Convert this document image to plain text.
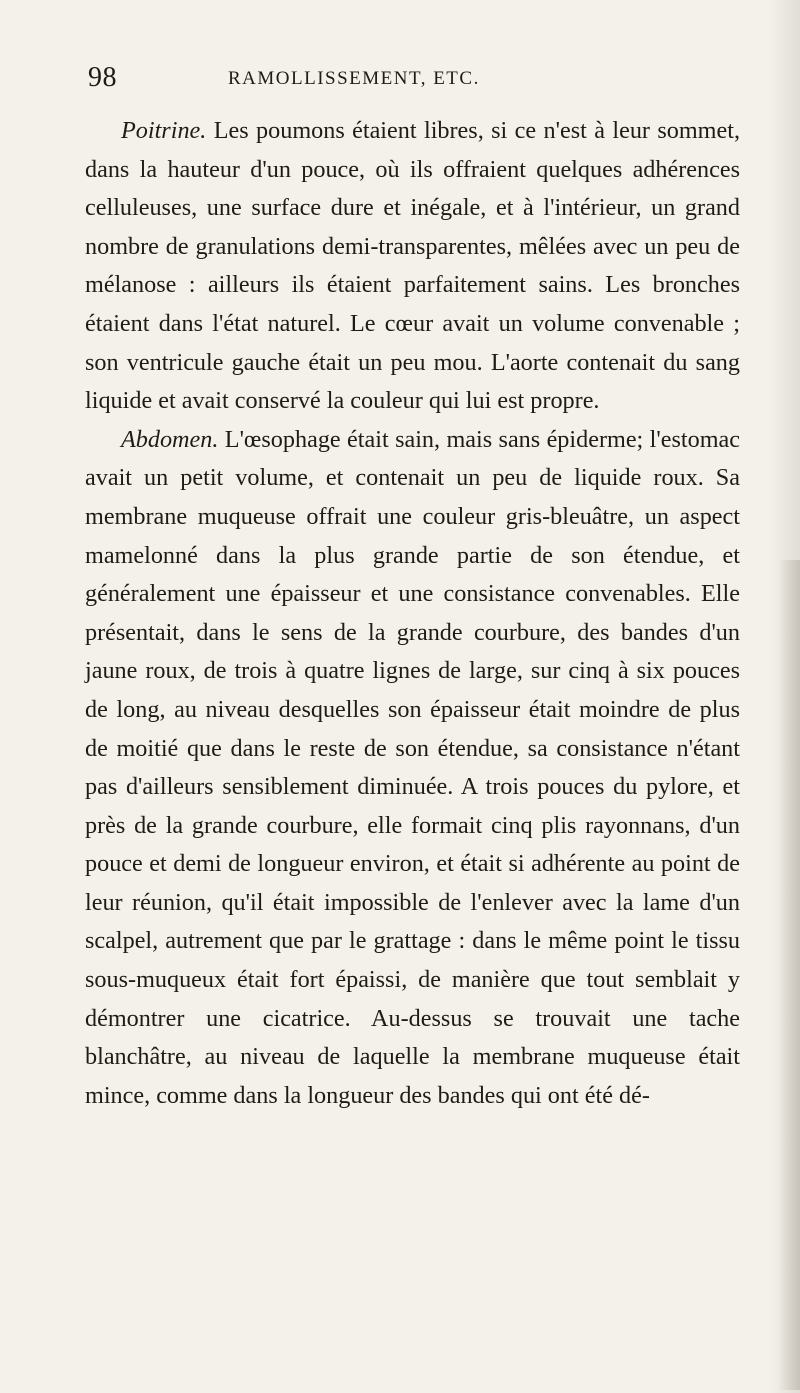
98	RAMOLLISSEMENT, ETC.

Poitrine. Les poumons étaient libres, si ce n'est à leur sommet, dans la hauteur d'un pouce, où ils offraient quelques adhérences celluleuses, une surface dure et inégale, et à l'intérieur, un grand nombre de granulations demi-transparentes, mêlées avec un peu de mélanose : ailleurs ils étaient parfaitement sains. Les bronches étaient dans l'état naturel. Le cœur avait un volume convenable ; son ventricule gauche était un peu mou. L'aorte contenait du sang liquide et avait conservé la couleur qui lui est propre.

Abdomen. L'œsophage était sain, mais sans épiderme; l'estomac avait un petit volume, et contenait un peu de liquide roux. Sa membrane muqueuse offrait une couleur gris-bleuâtre, un aspect mamelonné dans la plus grande partie de son étendue, et généralement une épaisseur et une consistance convenables. Elle présentait, dans le sens de la grande courbure, des bandes d'un jaune roux, de trois à quatre lignes de large, sur cinq à six pouces de long, au niveau desquelles son épaisseur était moindre de plus de moitié que dans le reste de son étendue, sa consistance n'étant pas d'ailleurs sensiblement diminuée. A trois pouces du pylore, et près de la grande courbure, elle formait cinq plis rayonnans, d'un pouce et demi de longueur environ, et était si adhérente au point de leur réunion, qu'il était impossible de l'enlever avec la lame d'un scalpel, autrement que par le grattage : dans le même point le tissu sous-muqueux était fort épaissi, de manière que tout semblait y démontrer une cicatrice. Au-dessus se trouvait une tache blanchâtre, au niveau de laquelle la membrane muqueuse était mince, comme dans la longueur des bandes qui ont été dé-
